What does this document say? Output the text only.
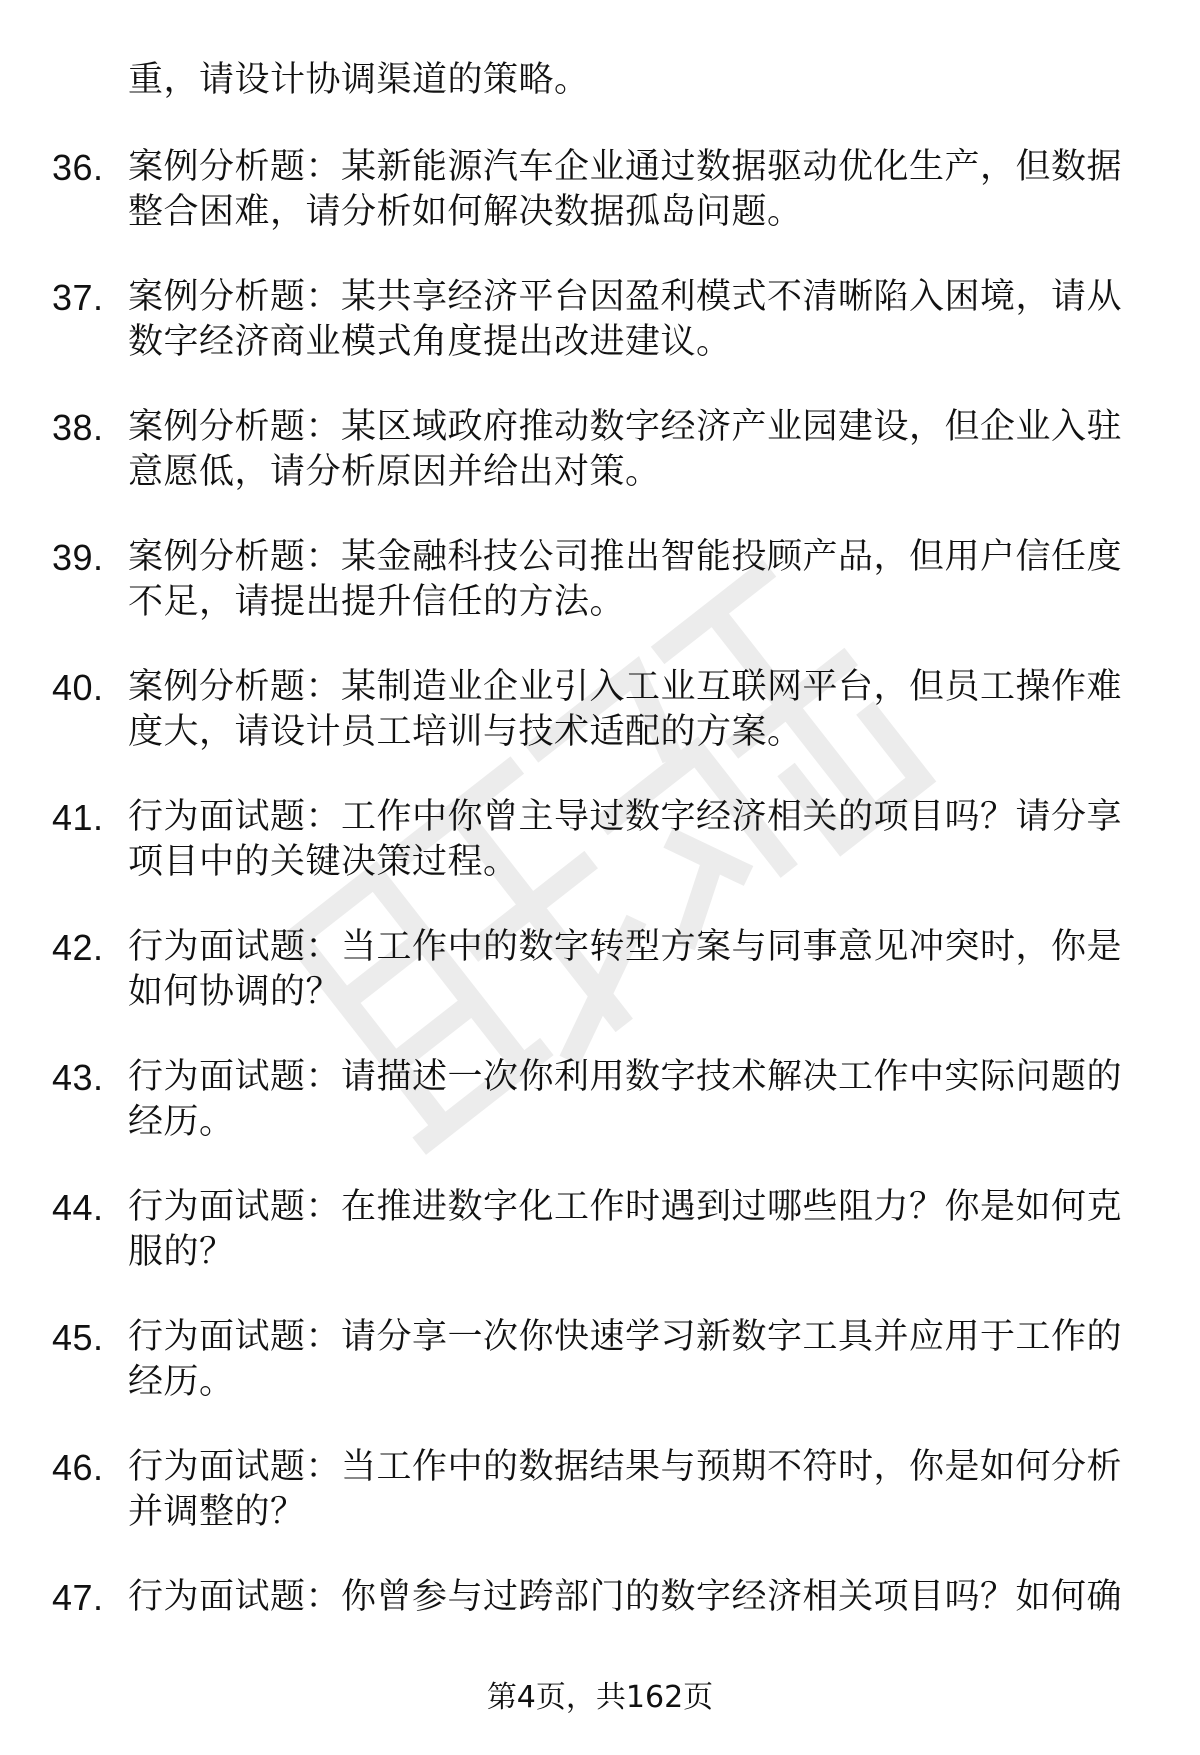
重，请设计协调渠道的策略。
36. 案例分析题：某新能源汽车企业通过数据驱动优化生产，但数据整合困难，请分析如何解决数据孤岛问题。
37. 案例分析题：某共享经济平台因盈利模式不清晰陷入困境，请从数字经济商业模式角度提出改进建议。
38. 案例分析题：某区域政府推动数字经济产业园建设，但企业入驻意愿低，请分析原因并给出对策。
39. 案例分析题：某金融科技公司推出智能投顾产品，但用户信任度不足，请提出提升信任的方法。
40. 案例分析题：某制造业企业引入工业互联网平台，但员工操作难度大，请设计员工培训与技术适配的方案。
41. 行为面试题：工作中你曾主导过数字经济相关的项目吗？请分享项目中的关键决策过程。
42. 行为面试题：当工作中的数字转型方案与同事意见冲突时，你是如何协调的？
43. 行为面试题：请描述一次你利用数字技术解决工作中实际问题的经历。
44. 行为面试题：在推进数字化工作时遇到过哪些阻力？你是如何克服的？
45. 行为面试题：请分享一次你快速学习新数字工具并应用于工作的经历。
46. 行为面试题：当工作中的数据结果与预期不符时，你是如何分析并调整的？
47. 行为面试题：你曾参与过跨部门的数字经济相关项目吗？如何确
第4页，共162页
